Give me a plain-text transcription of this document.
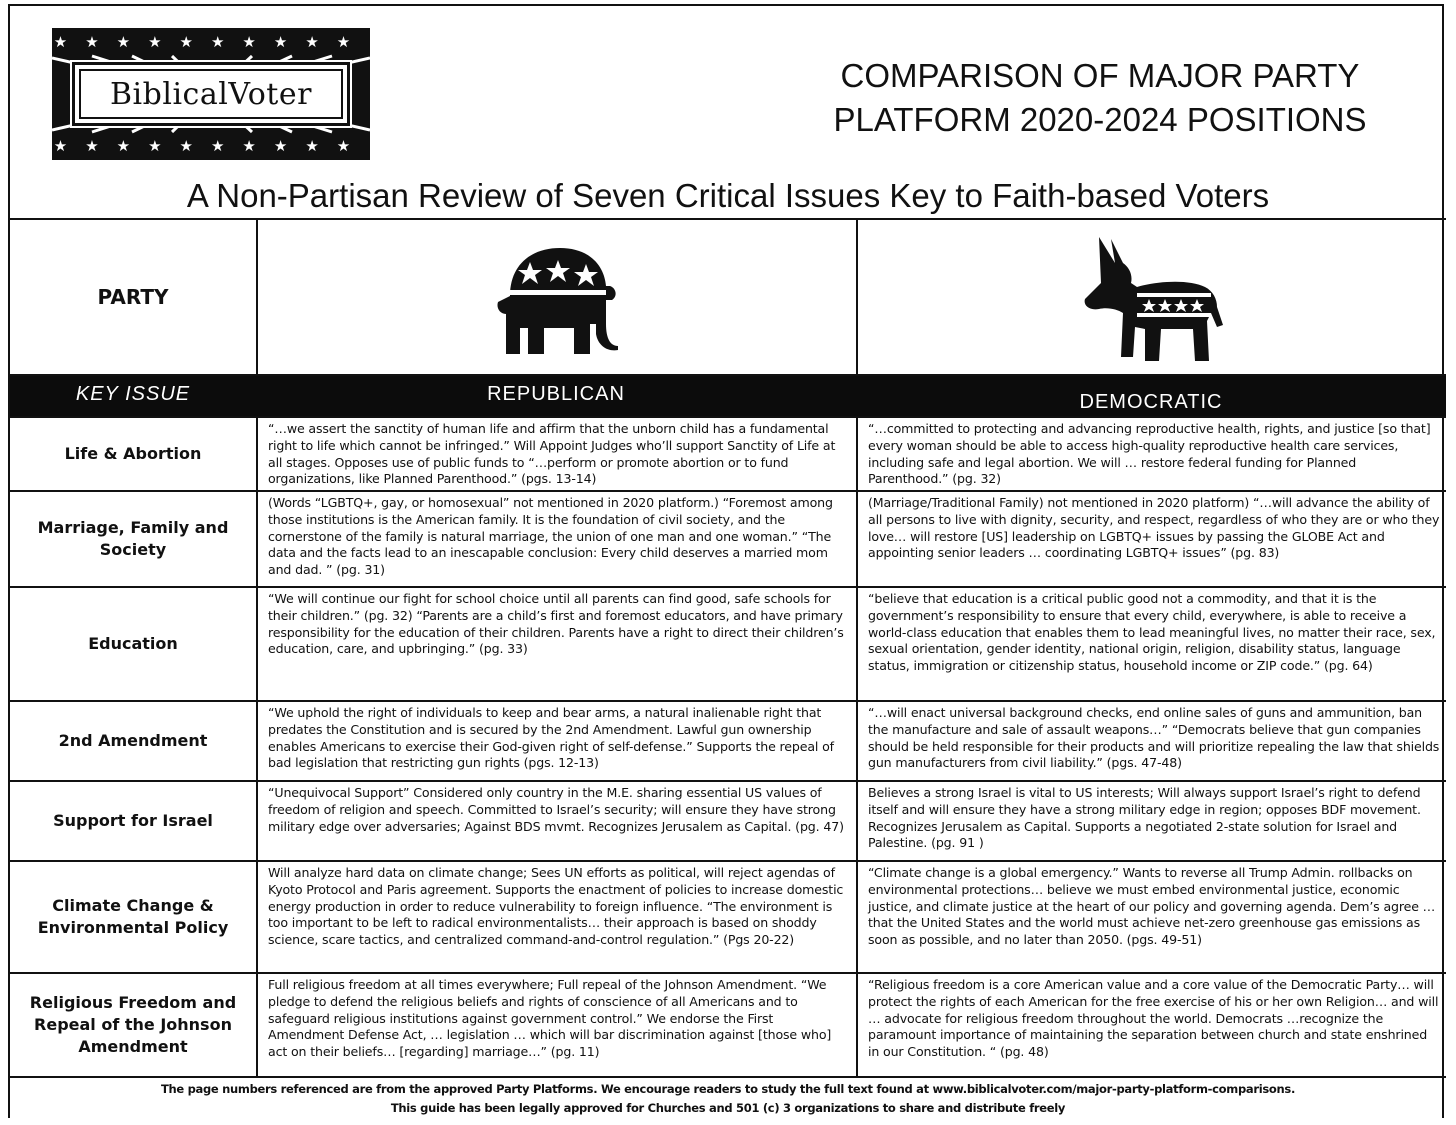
★★★★★★★★★★
BiblicalVoter
★★★★★★★★★★
COMPARISON OF MAJOR PARTY
PLATFORM 2020-2024 POSITIONS
A Non-Partisan Review of Seven Critical Issues Key to Faith-based Voters
PARTY
KEY ISSUE	REPUBLICAN	DEMOCRATIC
Life & Abortion
“…we assert the sanctity of human life and affirm that the unborn child has a fundamental right to life which cannot be infringed.” Will Appoint Judges who’ll support Sanctity of Life at all stages. Opposes use of public funds to “…perform or promote abortion or to fund organizations, like Planned Parenthood.” (pgs. 13-14)
“…committed to protecting and advancing reproductive health, rights, and justice [so that] every woman should be able to access high-quality reproductive health care services, including safe and legal abortion. We will … restore federal funding for Planned Parenthood.” (pg. 32)
Marriage, Family and Society
(Words “LGBTQ+, gay, or homosexual” not mentioned in 2020 platform.) “Foremost among those institutions is the American family. It is the foundation of civil society, and the cornerstone of the family is natural marriage, the union of one man and one woman.” “The data and the facts lead to an inescapable conclusion: Every child deserves a married mom and dad. ” (pg. 31)
(Marriage/Traditional Family) not mentioned in 2020 platform) “…will advance the ability of all persons to live with dignity, security, and respect, regardless of who they are or who they love… will restore [US] leadership on LGBTQ+ issues by passing the GLOBE Act and appointing senior leaders … coordinating LGBTQ+ issues” (pg. 83)
Education
“We will continue our fight for school choice until all parents can find good, safe schools for their children.” (pg. 32) “Parents are a child’s first and foremost educators, and have primary responsibility for the education of their children. Parents have a right to direct their children’s education, care, and upbringing.” (pg. 33)
“believe that education is a critical public good not a commodity, and that it is the government’s responsibility to ensure that every child, everywhere, is able to receive a world-class education that enables them to lead meaningful lives, no matter their race, sex, sexual orientation, gender identity, national origin, religion, disability status, language status, immigration or citizenship status, household income or ZIP code.” (pg. 64)
2nd Amendment
“We uphold the right of individuals to keep and bear arms, a natural inalienable right that predates the Constitution and is secured by the 2nd Amendment. Lawful gun ownership enables Americans to exercise their God-given right of self-defense.” Supports the repeal of bad legislation that restricting gun rights (pgs. 12-13)
“…will enact universal background checks, end online sales of guns and ammunition, ban the manufacture and sale of assault weapons…” “Democrats believe that gun companies should be held responsible for their products and will prioritize repealing the law that shields gun manufacturers from civil liability.” (pgs. 47-48)
Support for Israel
“Unequivocal Support” Considered only country in the M.E. sharing essential US values of freedom of religion and speech. Committed to Israel’s security; will ensure they have strong military edge over adversaries; Against BDS mvmt. Recognizes Jerusalem as Capital. (pg. 47)
Believes a strong Israel is vital to US interests; Will always support Israel’s right to defend itself and will ensure they have a strong military edge in region; opposes BDF movement. Recognizes Jerusalem as Capital. Supports a negotiated 2-state solution for Israel and Palestine. (pg. 91 )
Climate Change & Environmental Policy
Will analyze hard data on climate change; Sees UN efforts as political, will reject agendas of Kyoto Protocol and Paris agreement. Supports the enactment of policies to increase domestic energy production in order to reduce vulnerability to foreign influence. “The environment is too important to be left to radical environmentalists… their approach is based on shoddy science, scare tactics, and centralized command-and-control regulation.” (Pgs 20-22)
“Climate change is a global emergency.” Wants to reverse all Trump Admin. rollbacks on environmental protections… believe we must embed environmental justice, economic justice, and climate justice at the heart of our policy and governing agenda. Dem’s agree … that the United States and the world must achieve net-zero greenhouse gas emissions as soon as possible, and no later than 2050. (pgs. 49-51)
Religious Freedom and Repeal of the Johnson Amendment
Full religious freedom at all times everywhere; Full repeal of the Johnson Amendment. “We pledge to defend the religious beliefs and rights of conscience of all Americans and to safeguard religious institutions against government control.” We endorse the First Amendment Defense Act, … legislation … which will bar discrimination against [those who] act on their beliefs… [regarding] marriage…” (pg. 11)
“Religious freedom is a core American value and a core value of the Democratic Party… will protect the rights of each American for the free exercise of his or her own Religion… and will … advocate for religious freedom throughout the world. Democrats …recognize the paramount importance of maintaining the separation between church and state enshrined in our Constitution. “ (pg. 48)
The page numbers referenced are from the approved Party Platforms. We encourage readers to study the full text found at www.biblicalvoter.com/major-party-platform-comparisons.
This guide has been legally approved for Churches and 501 (c) 3 organizations to share and distribute freely
